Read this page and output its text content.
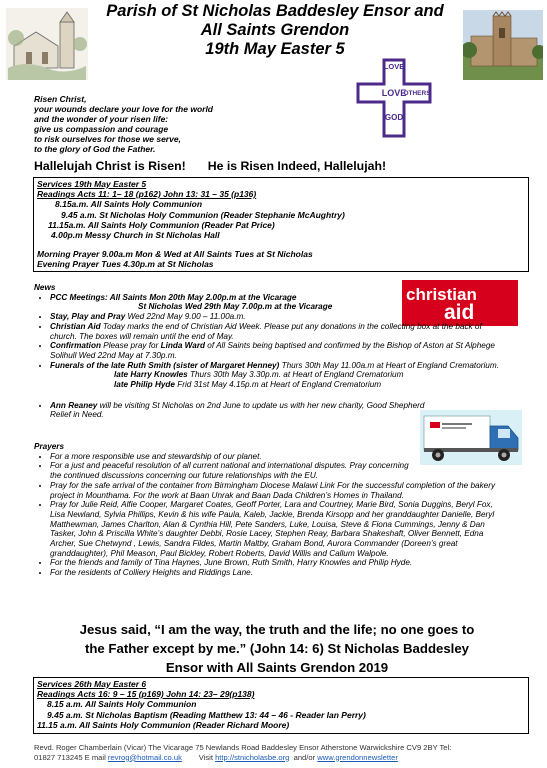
Parish of St Nicholas Baddesley Ensor and
All Saints Grendon
19th May Easter 5
LOVE
LOVE
OTHERS
GOD
Risen Christ,
your wounds declare your love for the world
and the wonder of your risen life:
give us compassion and courage
to risk ourselves for those we serve,
to the glory of God the Father.
Hallelujah Christ is Risen! He is Risen Indeed, Hallelujah!
Services 19th May Easter 5
Readings Acts 11: 1– 18 (p162) John 13: 31 – 35 (p136)
8.15a.m. All Saints Holy Communion
9.45 a.m. St Nicholas Holy Communion (Reader Stephanie McAughtry)
11.15a.m. All Saints Holy Communion (Reader Pat Price)
4.00p.m Messy Church in St Nicholas Hall
Morning Prayer 9.00a.m Mon & Wed at All Saints Tues at St Nicholas
Evening Prayer Tues 4.30p.m at St Nicholas
christian
aid
News
• PCC Meetings: All Saints Mon 20th May 2.00p.m at the Vicarage
St Nicholas Wed 29th May 7.00p.m at the Vicarage
• Stay, Play and Pray Wed 22nd May 9.00 – 11.00a.m.
• Christian Aid Today marks the end of Christian Aid Week. Please put any donations in the collecting box at the back of church. The boxes will remain until the end of May.
• Confirmation Please pray for Linda Ward of All Saints being baptised and confirmed by the Bishop of Aston at St Alphege Solihull Wed 22nd May at 7.30p.m.
• Funerals of the late Ruth Smith (sister of Margaret Henney) Thurs 30th May 11.00a.m at Heart of England Crematorium.
late Harry Knowles Thurs 30th May 3.30p.m. at Heart of England Crematorium
late Philip Hyde Frid 31st May 4.15p.m at Heart of England Crematorium
• Ann Reaney will be visiting St Nicholas on 2nd June to update us with her new charity, Good Shepherd Relief in Need.
Prayers
• For a more responsible use and stewardship of our planet.
• For a just and peaceful resolution of all current national and international disputes. Pray concerning the continued discussions concerning our future relationships with the EU.
• Pray for the safe arrival of the container from Birmingham Diocese Malawi Link For the successful completion of the bakery project in Mounthama. For the work at Baan Unrak and Baan Dada Children’s Homes in Thailand.
• Pray for Julie Reid, Alfie Cooper, Margaret Coates, Geoff Porter, Lara and Courtney, Marie Bird, Sonia Duggins, Beryl Fox, Lisa Newland, Sylvia Phillips, Kevin & his wife Paula, Kaleb, Jackie, Brenda Kirsopp and her granddaughter Danielle, Beryl Matthewman, James Charlton, Alan & Cynthia Hill, Pete Sanders, Luke, Louisa, Steve & Fiona Cummings, Jenny & Dan Tasker, John & Priscilla White’s daughter Debbi, Rosie Lacey, Stephen Reay, Barbara Shakeshaft, Oliver Bennett, Edna Archer, Sue Chetwynd , Lewis, Sandra Fildes, Martin Maltby, Graham Bond, Aurora Commander (Doreen’s great granddaughter), Phil Meason, Paul Bickley, Robert Roberts, David Willis and Callum Walpole.
• For the friends and family of Tina Haynes, June Brown, Ruth Smith, Harry Knowles and Philip Hyde.
• For the residents of Colliery Heights and Riddings Lane.
Jesus said, “I am the way, the truth and the life; no one goes to
the Father except by me.” (John 14: 6) St Nicholas Baddesley
Ensor with All Saints Grendon 2019
Services 26th May Easter 6
Readings Acts 16: 9 – 15 (p169) John 14: 23– 29(p138)
8.15 a.m. All Saints Holy Communion
9.45 a.m. St Nicholas Baptism (Reading Matthew 13: 44 – 46 - Reader Ian Perry)
11.15 a.m. All Saints Holy Communion (Reader Richard Moore)
Revd. Roger Chamberlain (Vicar) The Vicarage 75 Newlands Road Baddesley Ensor Atherstone Warwickshire CV9 2BY Tel:
01827 713245 E mail revrog@hotmail.co.uk        Visit http://stnicholasbe.org  and/or www.grendonnewsletter
